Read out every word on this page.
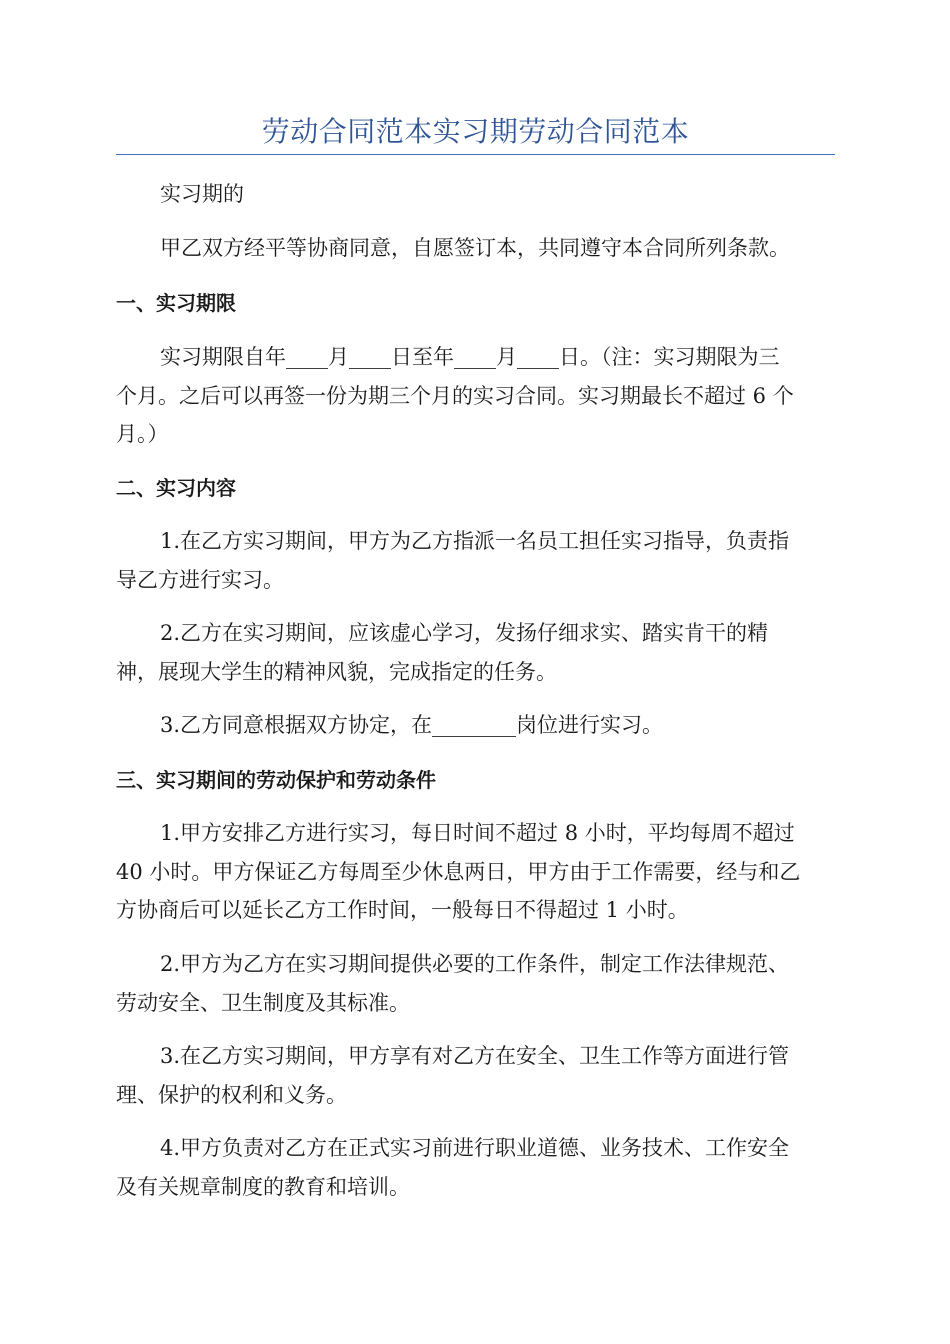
劳动合同范本实习期劳动合同范本

实习期的

甲乙双方经平等协商同意，自愿签订本，共同遵守本合同所列条款。

一、实习期限

实习期限自年____月____日至年____月____日。（注：实习期限为三
个月。之后可以再签一份为期三个月的实习合同。实习期最长不超过 6 个
月。）

二、实习内容

1.在乙方实习期间，甲方为乙方指派一名员工担任实习指导，负责指
导乙方进行实习。

2.乙方在实习期间，应该虚心学习，发扬仔细求实、踏实肯干的精
神，展现大学生的精神风貌，完成指定的任务。

3.乙方同意根据双方协定，在________岗位进行实习。

三、实习期间的劳动保护和劳动条件

1.甲方安排乙方进行实习，每日时间不超过 8 小时，平均每周不超过
40 小时。甲方保证乙方每周至少休息两日，甲方由于工作需要，经与和乙
方协商后可以延长乙方工作时间，一般每日不得超过 1 小时。

2.甲方为乙方在实习期间提供必要的工作条件，制定工作法律规范、
劳动安全、卫生制度及其标准。

3.在乙方实习期间，甲方享有对乙方在安全、卫生工作等方面进行管
理、保护的权利和义务。

4.甲方负责对乙方在正式实习前进行职业道德、业务技术、工作安全
及有关规章制度的教育和培训。
